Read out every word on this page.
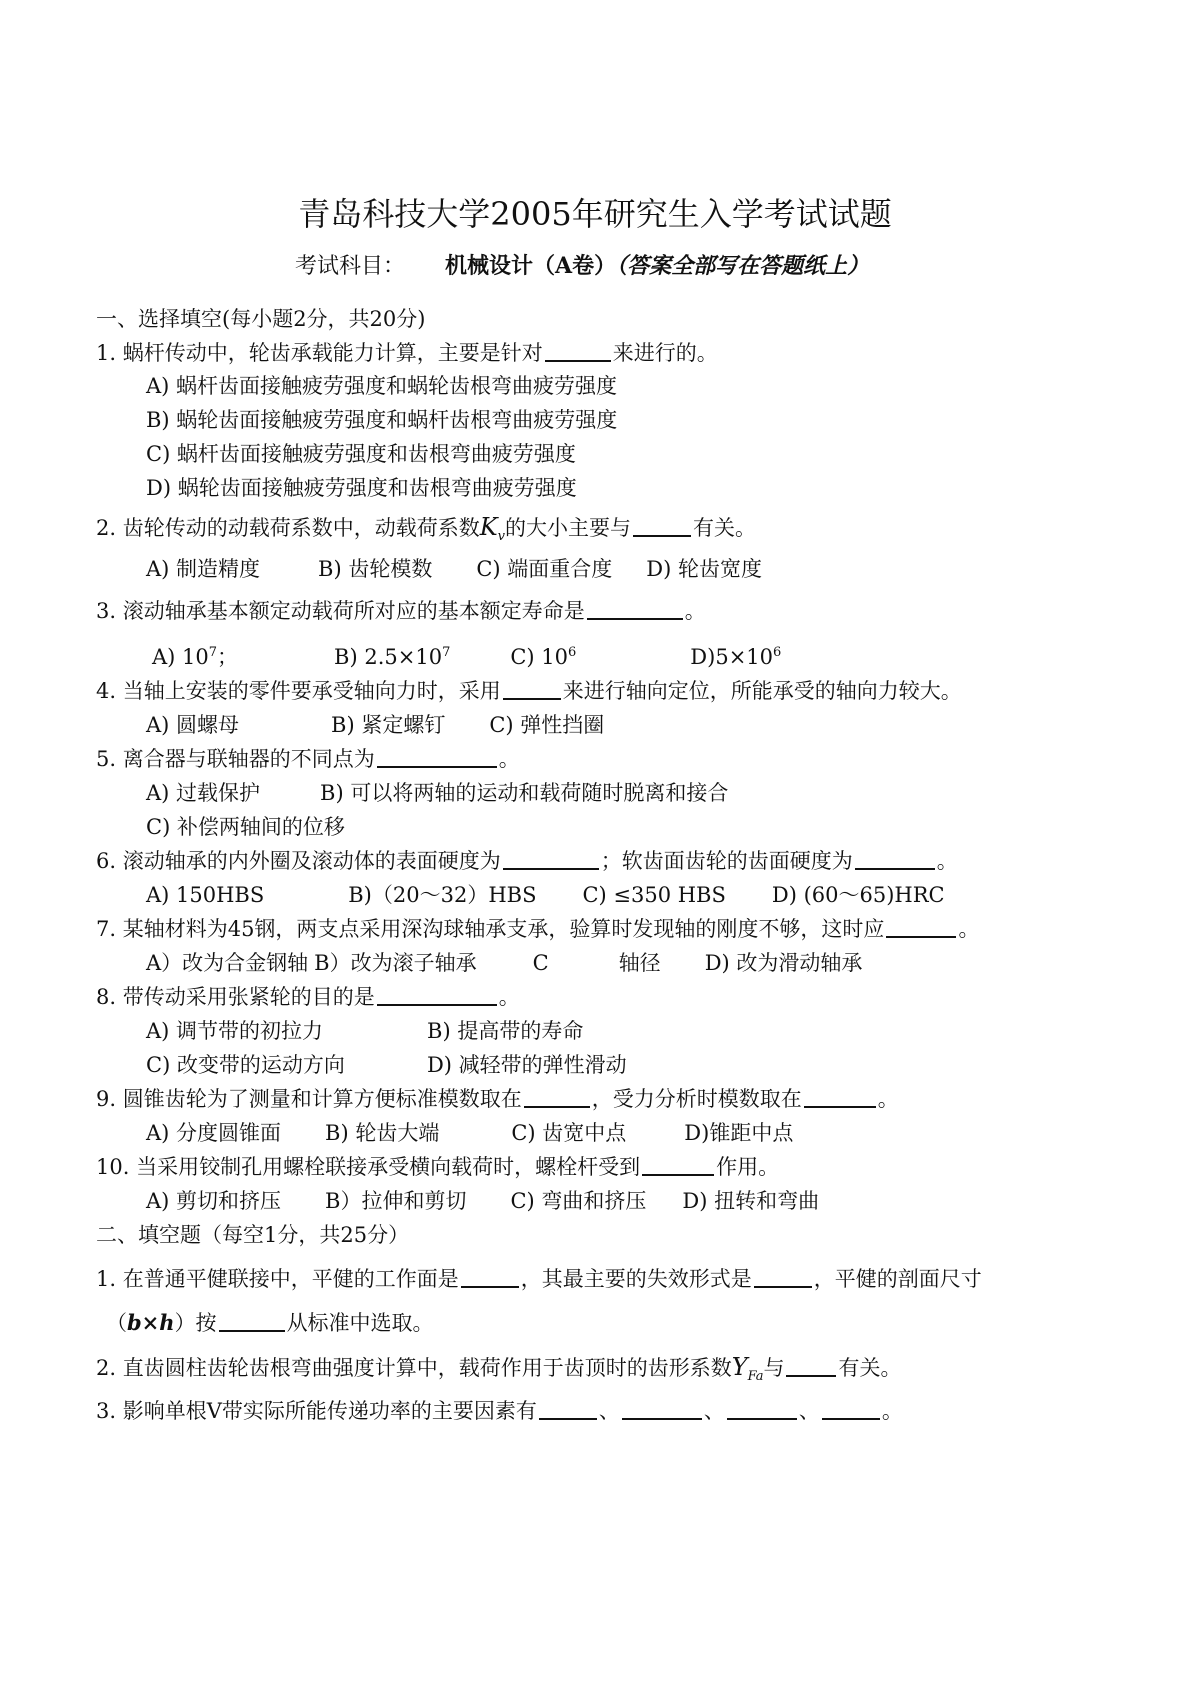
青岛科技大学2005年研究生入学考试试题
考试科目： 机械设计（A卷）（答案全部写在答题纸上）
一、选择填空(每小题2分，共20分)
1. 蜗杆传动中，轮齿承载能力计算，主要是针对	来进行的。
A) 蜗杆齿面接触疲劳强度和蜗轮齿根弯曲疲劳强度
B) 蜗轮齿面接触疲劳强度和蜗杆齿根弯曲疲劳强度
C) 蜗杆齿面接触疲劳强度和齿根弯曲疲劳强度
D) 蜗轮齿面接触疲劳强度和齿根弯曲疲劳强度
2. 齿轮传动的动载荷系数中，动载荷系数$K_v$的大小主要与	有关。
A) 制造精度	B) 齿轮模数 C) 端面重合度 D) 轮齿宽度
3. 滚动轴承基本额定动载荷所对应的基本额定寿命是	。
A) $10^7$；	B) $2.5\times 10^7$	C) $10^6$	$D)5\times 10^6$
4. 当轴上安装的零件要承受轴向力时，采用	来进行轴向定位，所能承受的轴向力较大。
A) 圆螺母	B) 紧定螺钉 C) 弹性挡圈
5. 离合器与联轴器的不同点为	。
A) 过载保护	B) 可以将两轴的运动和载荷随时脱离和接合
C) 补偿两轴间的位移
6. 滚动轴承的内外圈及滚动体的表面硬度为	；软齿面齿轮的齿面硬度为	。
A) 150HBS	B)（20～32）HBS C) ≤350 HBS D) (60～65)HRC
7. 某轴材料为45钢，两支点采用深沟球轴承支承，验算时发现轴的刚度不够，这时应	。
A）改为合金钢轴 B）改为滚子轴承	C	轴径 D) 改为滑动轴承
8. 带传动采用张紧轮的目的是	。
A) 调节带的初拉力	B) 提高带的寿命
C) 改变带的运动方向	D) 减轻带的弹性滑动
9. 圆锥齿轮为了测量和计算方便标准模数取在	，受力分析时模数取在	。
A) 分度圆锥面 B) 轮齿大端	C) 齿宽中点	D)锥距中点
10. 当采用铰制孔用螺栓联接承受横向载荷时，螺栓杆受到	作用。
A) 剪切和挤压 B）拉伸和剪切 C) 弯曲和挤压 D) 扭转和弯曲
二、填空题（每空1分，共25分）
1. 在普通平健联接中，平健的工作面是	，其最主要的失效形式是	，平健的剖面尺寸
（b×h）按	从标准中选取。
2. 直齿圆柱齿轮齿根弯曲强度计算中，载荷作用于齿顶时的齿形系数$Y_{Fa}$与	有关。
3. 影响单根V带实际所能传递功率的主要因素有	、	、	、	。
